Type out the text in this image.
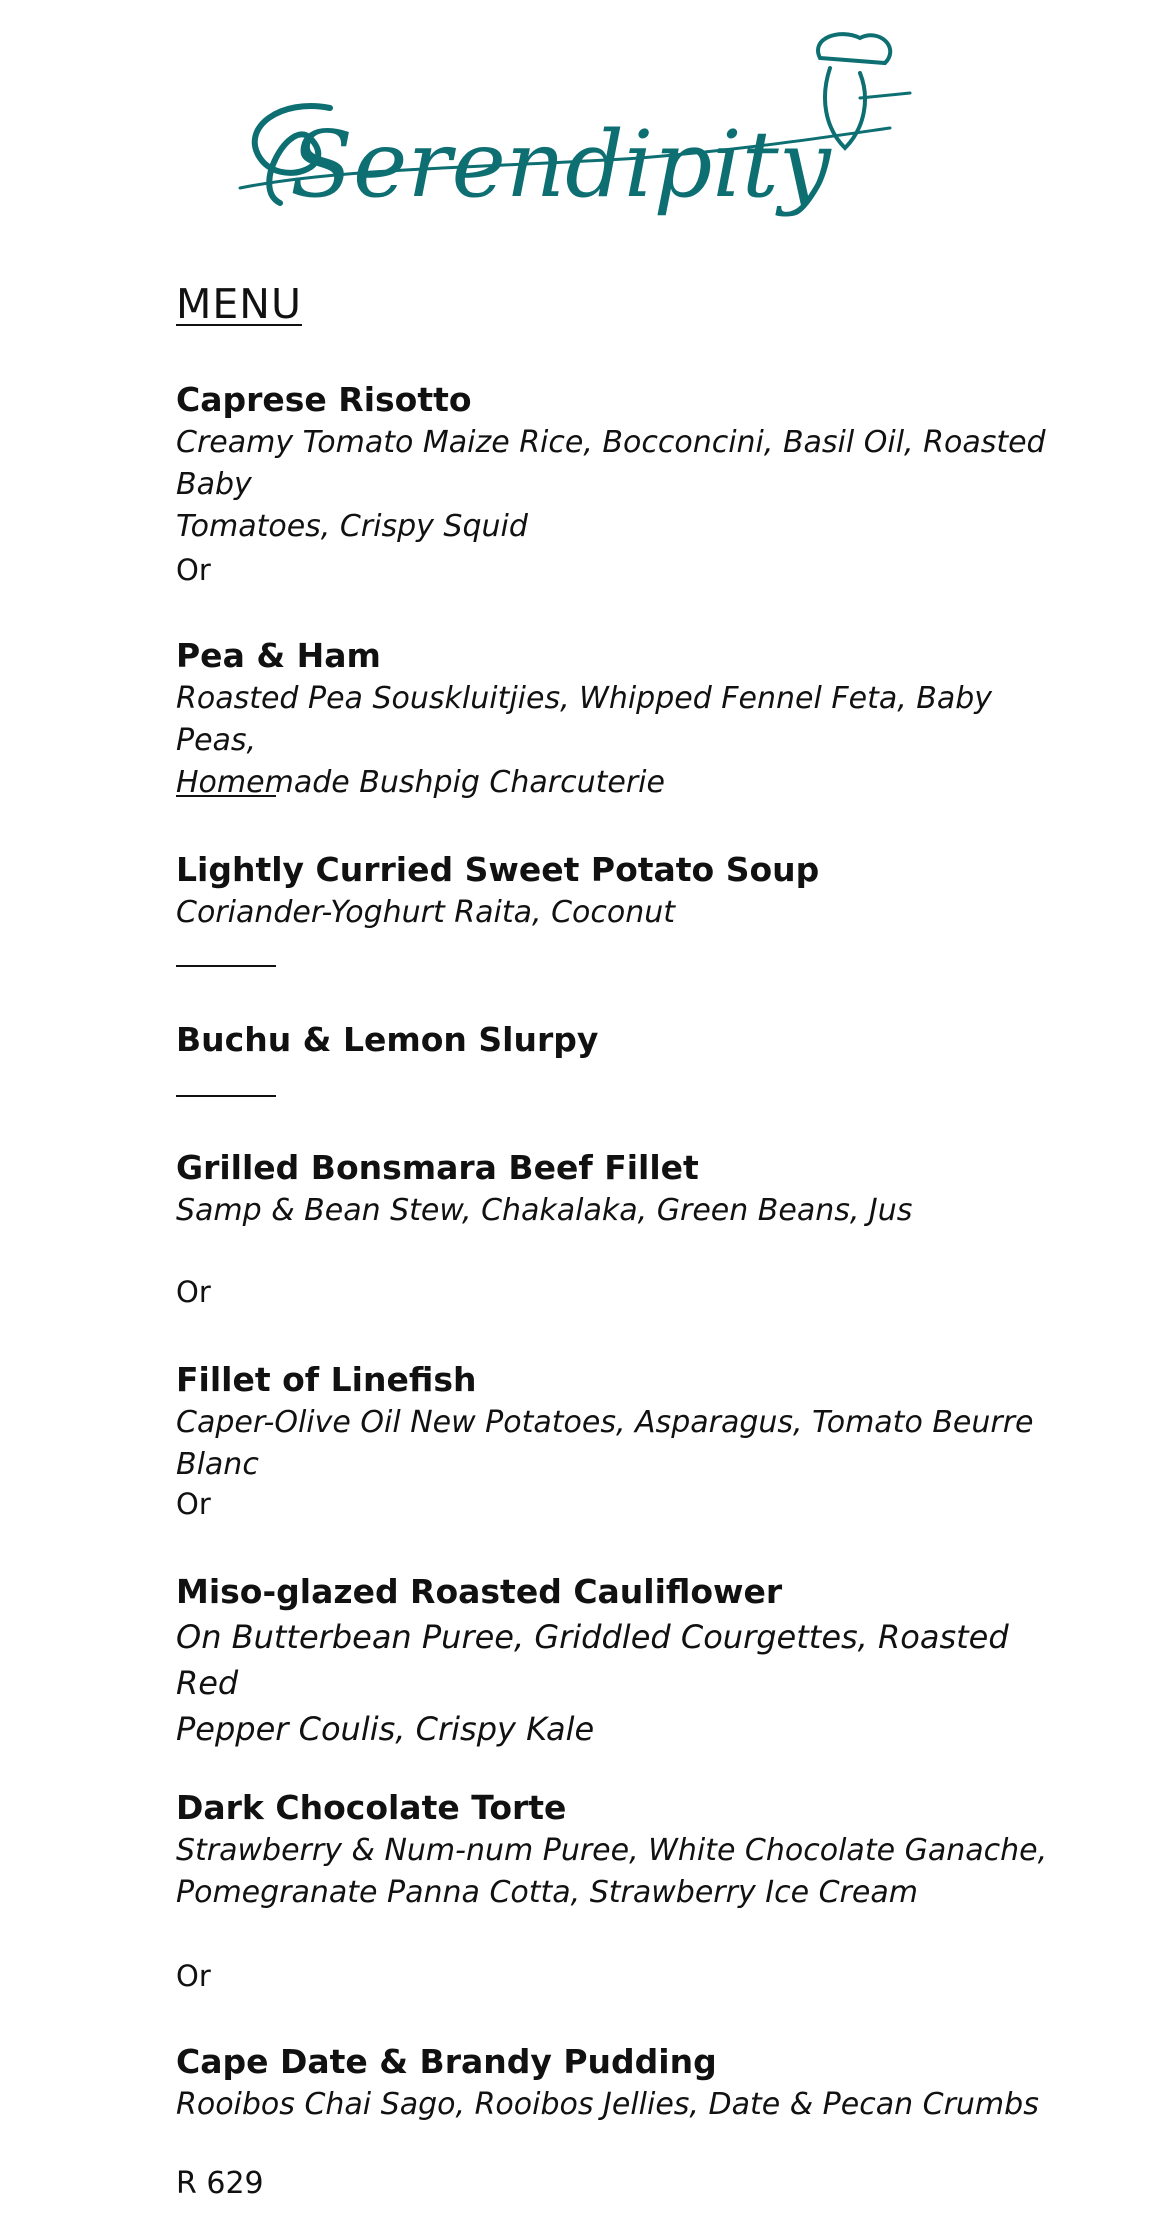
Serendipity
MENU

Caprese Risotto

Creamy Tomato Maize Rice, Bocconcini, Basil Oil, Roasted Baby

Tomatoes, Crispy Squid

Or

Pea & Ham

Roasted Pea Souskluitjies, Whipped Fennel Feta, Baby Peas,

Homemade Bushpig Charcuterie

Lightly Curried Sweet Potato Soup

Coriander-Yoghurt Raita, Coconut

Buchu & Lemon Slurpy

Grilled Bonsmara Beef Fillet

Samp & Bean Stew, Chakalaka, Green Beans, Jus

Or

Fillet of Linefish

Caper-Olive Oil New Potatoes, Asparagus, Tomato Beurre Blanc

Or

Miso-glazed Roasted Cauliflower

On Butterbean Puree, Griddled Courgettes, Roasted Red

Pepper Coulis, Crispy Kale

Dark Chocolate Torte

Strawberry & Num-num Puree, White Chocolate Ganache,

Pomegranate Panna Cotta, Strawberry Ice Cream

Or

Cape Date & Brandy Pudding

Rooibos Chai Sago, Rooibos Jellies, Date & Pecan Crumbs

R 629
